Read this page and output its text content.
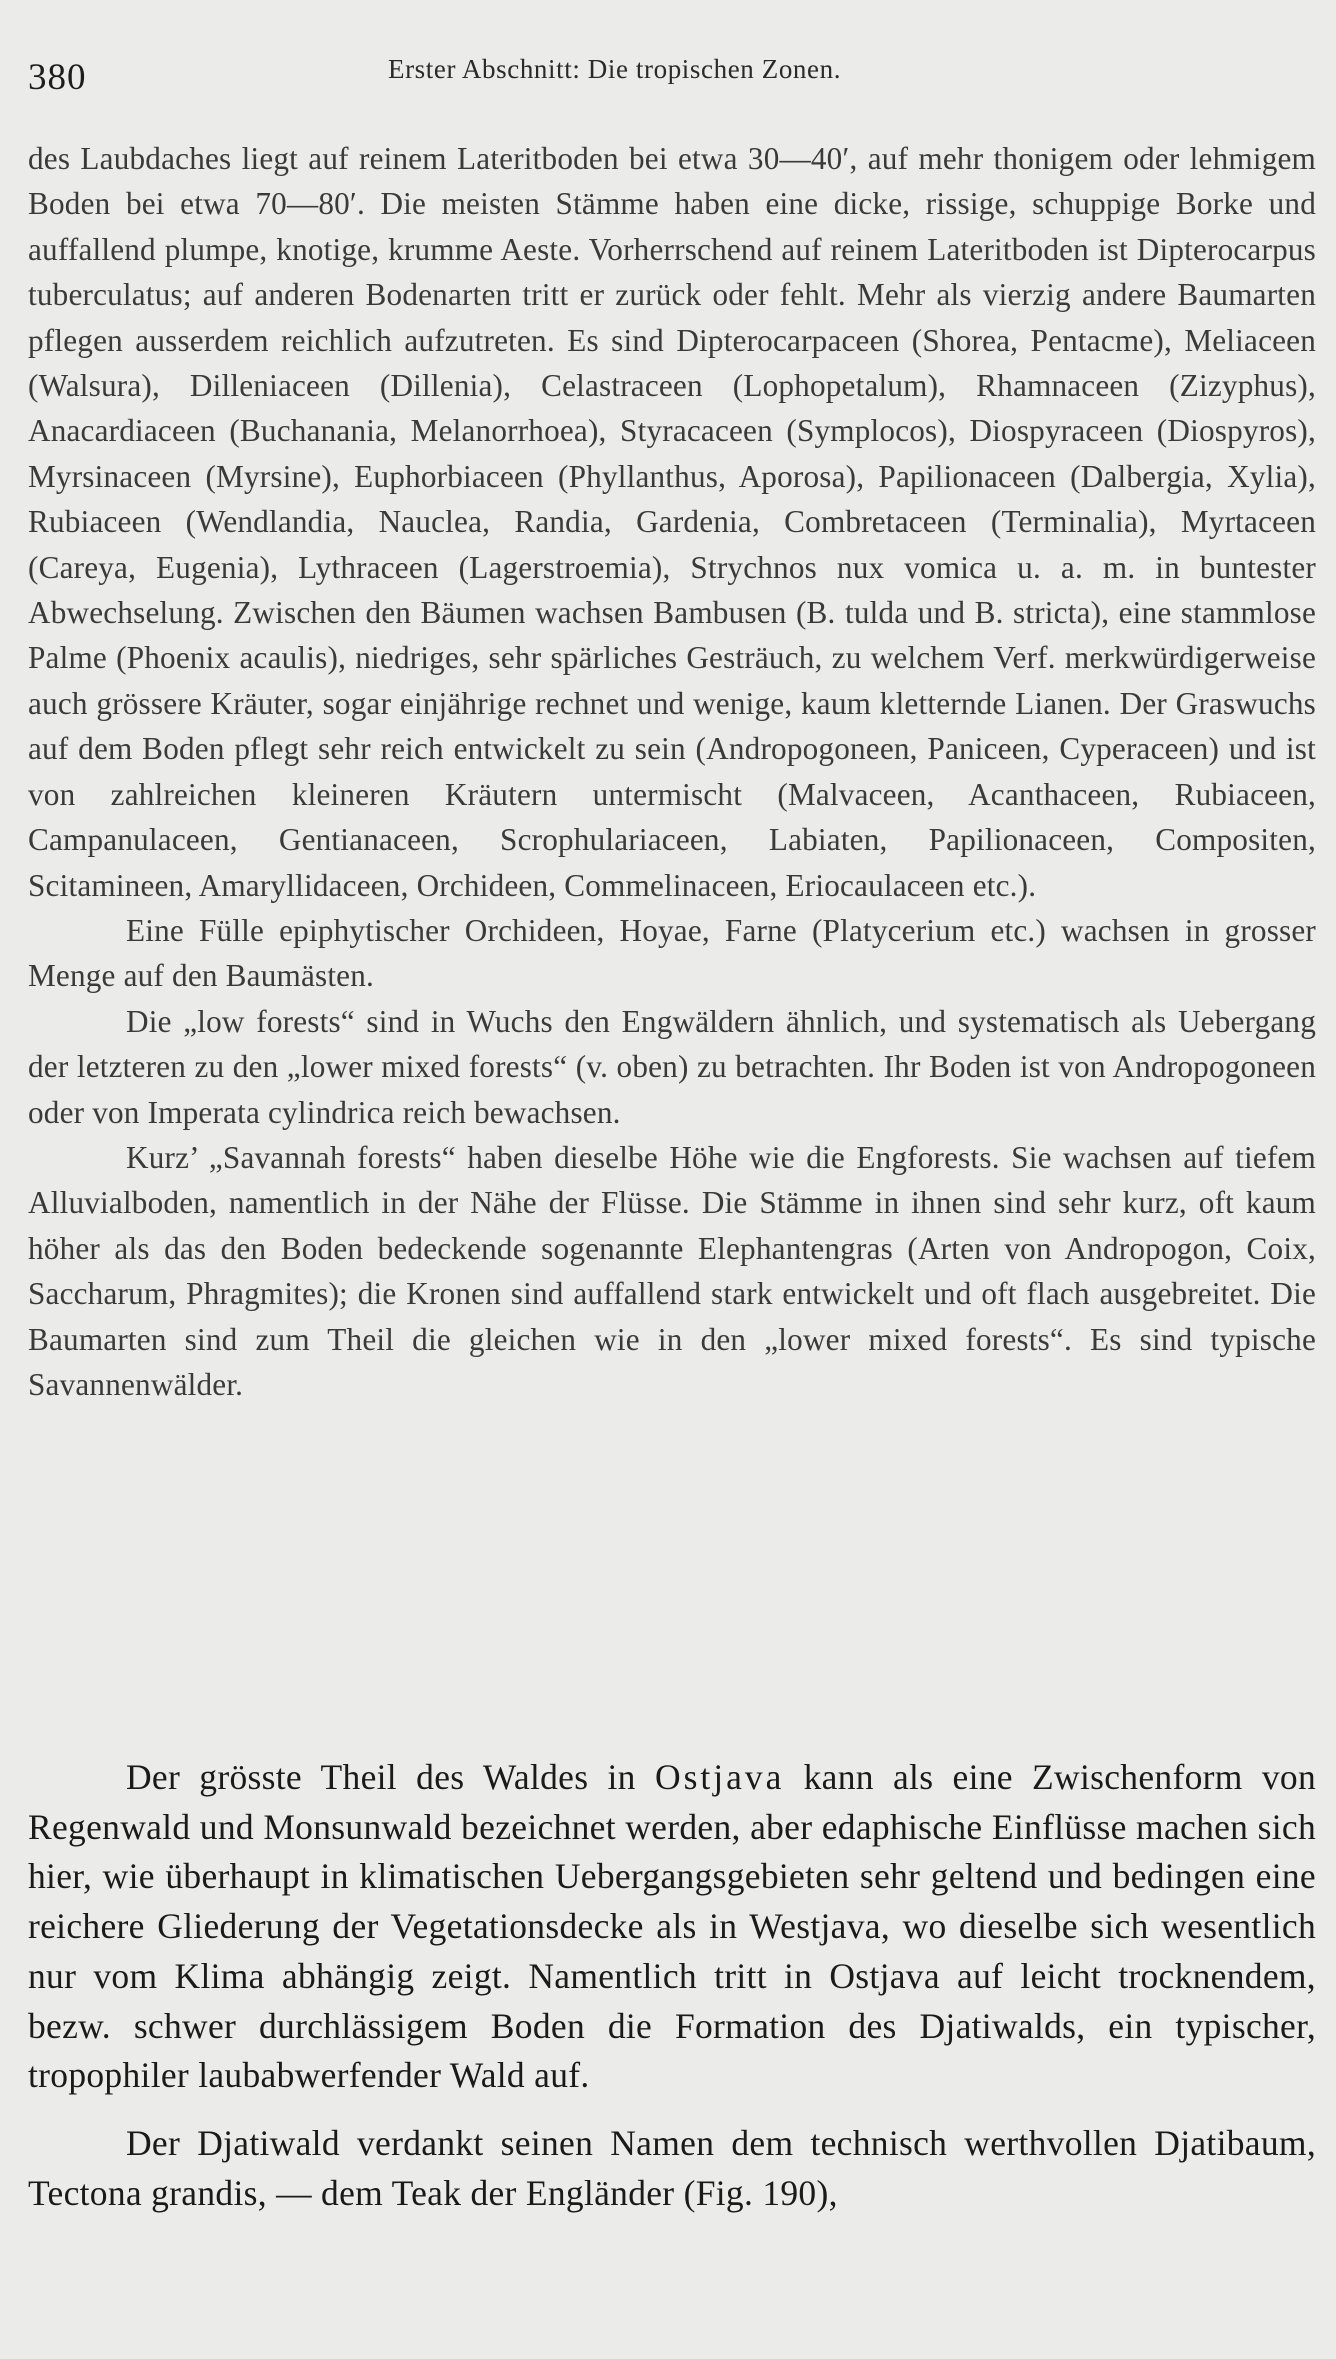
380	Erster Abschnitt: Die tropischen Zonen.

des Laubdaches liegt auf reinem Lateritboden bei etwa 30—40′, auf mehr thonigem oder lehmigem Boden bei etwa 70—80′. Die meisten Stämme haben eine dicke, rissige, schuppige Borke und auffallend plumpe, knotige, krumme Aeste. Vorherrschend auf reinem Lateritboden ist Dipterocarpus tuberculatus; auf anderen Bodenarten tritt er zurück oder fehlt. Mehr als vierzig andere Baumarten pflegen ausserdem reichlich aufzutreten. Es sind Dipterocarpaceen (Shorea, Pentacme), Meliaceen (Walsura), Dilleniaceen (Dillenia), Celastraceen (Lophopetalum), Rhamnaceen (Zizyphus), Anacardiaceen (Buchanania, Melanorrhoea), Styracaceen (Symplocos), Diospyraceen (Diospyros), Myrsinaceen (Myrsine), Euphorbiaceen (Phyllanthus, Aporosa), Papilionaceen (Dalbergia, Xylia), Rubiaceen (Wendlandia, Nauclea, Randia, Gardenia, Combretaceen (Terminalia), Myrtaceen (Careya, Eugenia), Lythraceen (Lagerstroemia), Strychnos nux vomica u. a. m. in buntester Abwechselung. Zwischen den Bäumen wachsen Bambusen (B. tulda und B. stricta), eine stammlose Palme (Phoenix acaulis), niedriges, sehr spärliches Gesträuch, zu welchem Verf. merkwürdigerweise auch grössere Kräuter, sogar einjährige rechnet und wenige, kaum kletternde Lianen. Der Graswuchs auf dem Boden pflegt sehr reich entwickelt zu sein (Andropogoneen, Paniceen, Cyperaceen) und ist von zahlreichen kleineren Kräutern untermischt (Malvaceen, Acanthaceen, Rubiaceen, Campanulaceen, Gentianaceen, Scrophulariaceen, Labiaten, Papilionaceen, Compositen, Scitamineen, Amaryllidaceen, Orchideen, Commelinaceen, Eriocaulaceen etc.).

Eine Fülle epiphytischer Orchideen, Hoyae, Farne (Platycerium etc.) wachsen in grosser Menge auf den Baumästen.

Die „low forests“ sind in Wuchs den Engwäldern ähnlich, und systematisch als Uebergang der letzteren zu den „lower mixed forests“ (v. oben) zu betrachten. Ihr Boden ist von Andropogoneen oder von Imperata cylindrica reich bewachsen.

Kurz’ „Savannah forests“ haben dieselbe Höhe wie die Engforests. Sie wachsen auf tiefem Alluvialboden, namentlich in der Nähe der Flüsse. Die Stämme in ihnen sind sehr kurz, oft kaum höher als das den Boden bedeckende sogenannte Elephantengras (Arten von Andropogon, Coix, Saccharum, Phragmites); die Kronen sind auffallend stark entwickelt und oft flach ausgebreitet. Die Baumarten sind zum Theil die gleichen wie in den „lower mixed forests“. Es sind typische Savannenwälder.

Der grösste Theil des Waldes in Ostjava kann als eine Zwischenform von Regenwald und Monsunwald bezeichnet werden, aber edaphische Einflüsse machen sich hier, wie überhaupt in klimatischen Uebergangsgebieten sehr geltend und bedingen eine reichere Gliederung der Vegetationsdecke als in Westjava, wo dieselbe sich wesentlich nur vom Klima abhängig zeigt. Namentlich tritt in Ostjava auf leicht trocknendem, bezw. schwer durchlässigem Boden die Formation des Djatiwalds, ein typischer, tropophiler laubabwerfender Wald auf.

Der Djatiwald verdankt seinen Namen dem technisch werthvollen Djatibaum, Tectona grandis, — dem Teak der Engländer (Fig. 190),
